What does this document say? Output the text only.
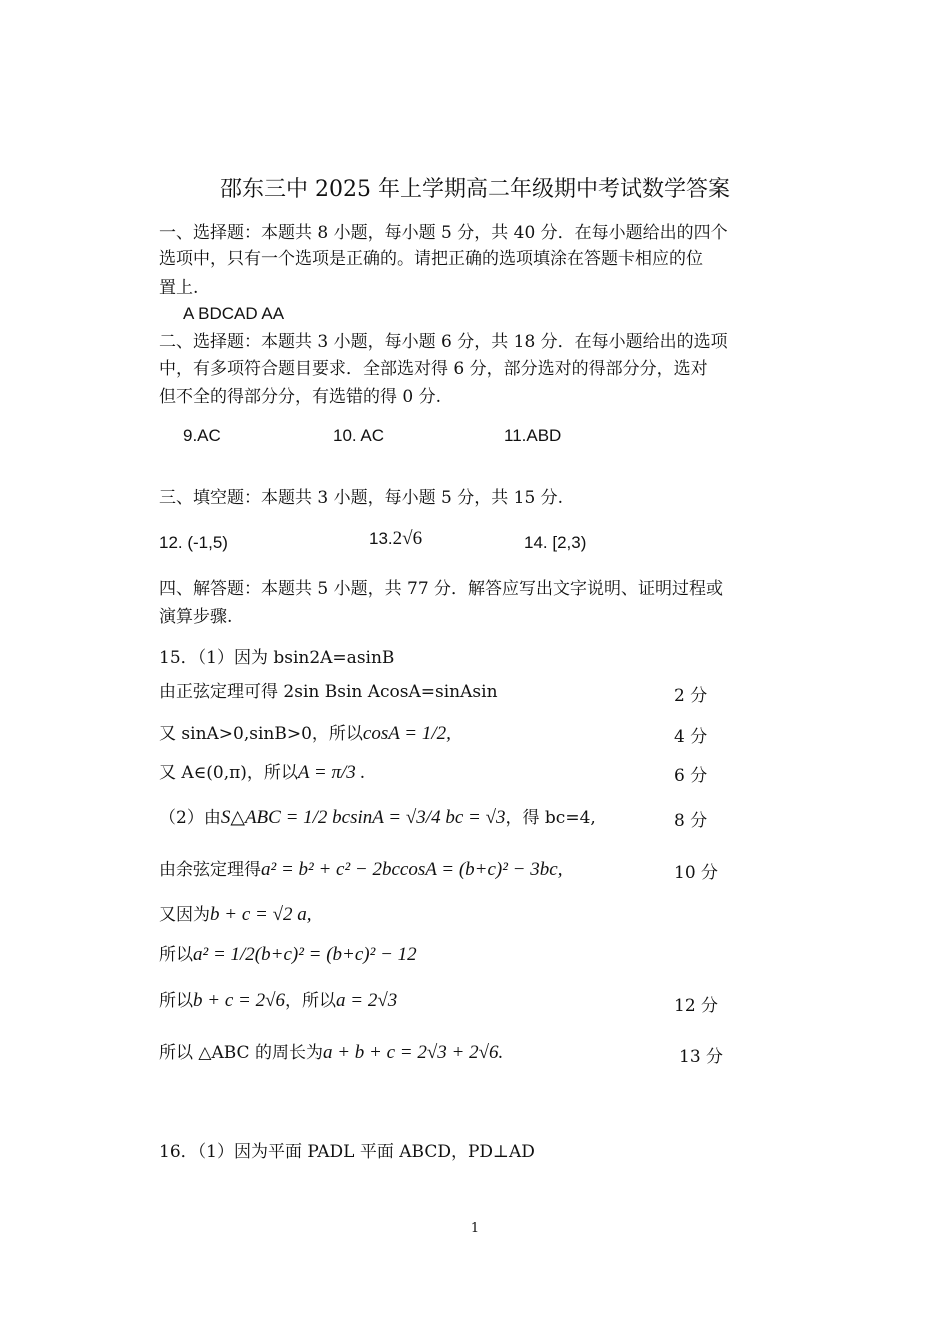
邵东三中 2025 年上学期高二年级期中考试数学答案
一、选择题：本题共 8 小题，每小题 5 分，共 40 分．在每小题给出的四个
选项中，只有一个选项是正确的。请把正确的选项填涂在答题卡相应的位
置上.
A BDCAD AA
二、选择题：本题共 3 小题，每小题 6 分，共 18 分．在每小题给出的选项
中，有多项符合题目要求．全部选对得 6 分，部分选对的得部分分，选对
但不全的得部分分，有选错的得 0 分.
9.AC	10. AC	11.ABD
三、填空题：本题共 3 小题，每小题 5 分，共 15 分.
12. (-1,5)	13.2√6	14. [2,3)
四、解答题：本题共 5 小题，共 77 分．解答应写出文字说明、证明过程或
演算步骤.
15．（1）因为 bsin2A=asinB
由正弦定理可得 2sin Bsin AcosA=sinAsin	2 分
又 sinA>0,sinB>0，所以cosA = 1/2,	4 分
又 A∈(0,π)，所以A = π/3 .	6 分
（2）由S△ABC = 1/2 bcsinA = √3/4 bc = √3，得 bc=4,	8 分
由余弦定理得a² = b² + c² − 2bccosA = (b+c)² − 3bc,	10 分
又因为b + c = √2 a,
所以a² = 1/2(b+c)² = (b+c)² − 12
所以b + c = 2√6，所以a = 2√3	12 分
所以 △ABC 的周长为a + b + c = 2√3 + 2√6.	13 分
16．（1）因为平面 PADL 平面 ABCD，PD⊥AD
1
